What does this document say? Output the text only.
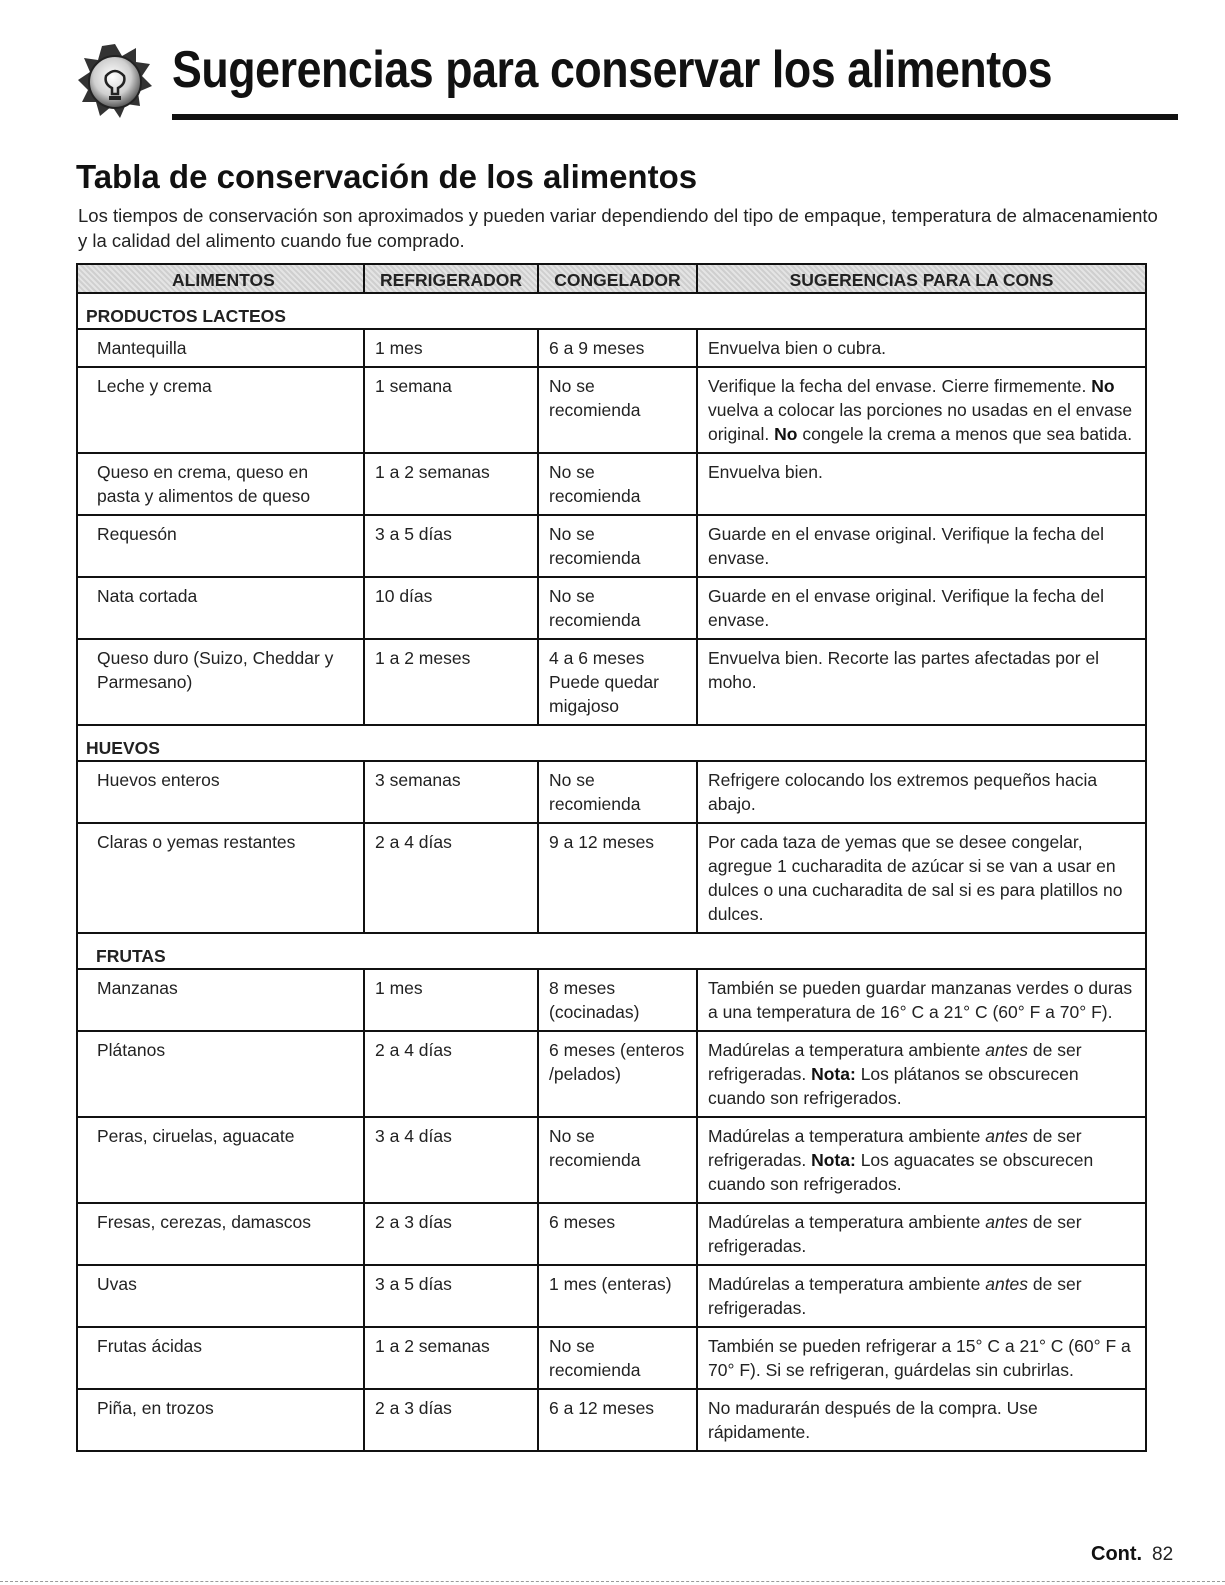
Sugerencias para conservar los alimentos
Tabla de conservación de los alimentos
Los tiempos de conservación son aproximados y pueden variar dependiendo del tipo de empaque, temperatura de almacenamiento y la calidad del alimento cuando fue comprado.
ALIMENTOS	REFRIGERADOR	CONGELADOR	SUGERENCIAS PARA LA CONS
PRODUCTOS LACTEOS			
Mantequilla	1 mes	6 a 9 meses	Envuelva bien o cubra.
Leche y crema	1 semana	No se recomienda	Verifique la fecha del envase. Cierre firmemente. No vuelva a colocar las porciones no usadas en el envase original. No congele la crema a menos que sea batida.
Queso en crema, queso en pasta y alimentos de queso	1 a 2 semanas	No se recomienda	Envuelva bien.
Requesón	3 a 5 días	No se recomienda	Guarde en el envase original. Verifique la fecha del envase.
Nata cortada	10 días	No se recomienda	Guarde en el envase original. Verifique la fecha del envase.
Queso duro (Suizo, Cheddar y Parmesano)	1 a 2 meses	4 a 6 meses Puede quedar migajoso	Envuelva bien. Recorte las partes afectadas por el moho.
HUEVOS			
Huevos enteros	3 semanas	No se recomienda	Refrigere colocando los extremos pequeños hacia abajo.
Claras o yemas restantes	2 a 4 días	9 a 12 meses	Por cada taza de yemas que se desee congelar, agregue 1 cucharadita de azúcar si se van a usar en dulces o una cucharadita de sal si es para platillos no dulces.
FRUTAS			
Manzanas	1 mes	8 meses (cocinadas)	También se pueden guardar manzanas verdes o duras a una temperatura de 16° C a 21° C (60° F a 70° F).
Plátanos	2 a 4 días	6 meses (enteros /pelados)	Madúrelas a temperatura ambiente antes de ser refrigeradas. Nota: Los plátanos se obscurecen cuando son refrigerados.
Peras, ciruelas, aguacate	3 a 4 días	No se recomienda	Madúrelas a temperatura ambiente antes de ser refrigeradas. Nota: Los aguacates se obscurecen cuando son refrigerados.
Fresas, cerezas, damascos	2 a 3 días	6 meses	Madúrelas a temperatura ambiente antes de ser refrigeradas.
Uvas	3 a 5 días	1 mes (enteras)	Madúrelas a temperatura ambiente antes de ser refrigeradas.
Frutas ácidas	1 a 2 semanas	No se recomienda	También se pueden refrigerar a 15° C a 21° C (60° F a 70° F). Si se refrigeran, guárdelas sin cubrirlas.
Piña, en trozos	2 a 3 días	6 a 12 meses	No madurarán después de la compra. Use rápidamente.
Cont. 82
